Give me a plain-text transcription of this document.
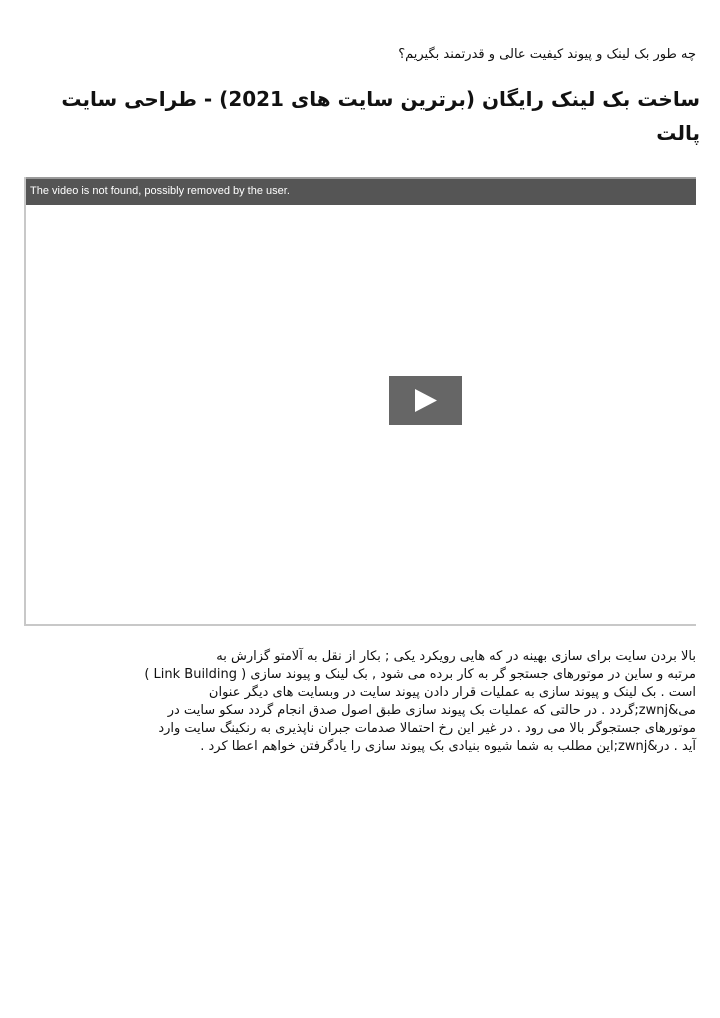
چه طور بک لینک و پیوند کیفیت عالی و قدرتمند بگیریم؟
ساخت بک لینک رایگان (برترین سایت های 2021) - طراحی سایت پالت
The video is not found, possibly removed by the user.

بالا بردن سایت برای سازی بهینه در که هایی رویکرد یکی ; بکار از نقل به آلامتو گزارش به
مرتبه و ساین در موتورهای جستجو گر به کار برده می شود , بک لینک و پیوند سازی ( Link Building )
است . بک لینک و پیوند سازی به عملیات قرار دادن پیوند سایت در وبسایت های دیگر عنوان
می&zwnj;گردد . در حالتی که عملیات بک پیوند سازی طبق اصول صدق انجام گردد سکو سایت در
موتورهای جستجوگر بالا می رود . در غیر این رخ احتمالا صدمات جبران ناپذیری به رنکینگ سایت وارد
آید . در&zwnj;این مطلب به شما شیوه بنیادی بک پیوند سازی را یادگرفتن خواهم اعطا کرد .
